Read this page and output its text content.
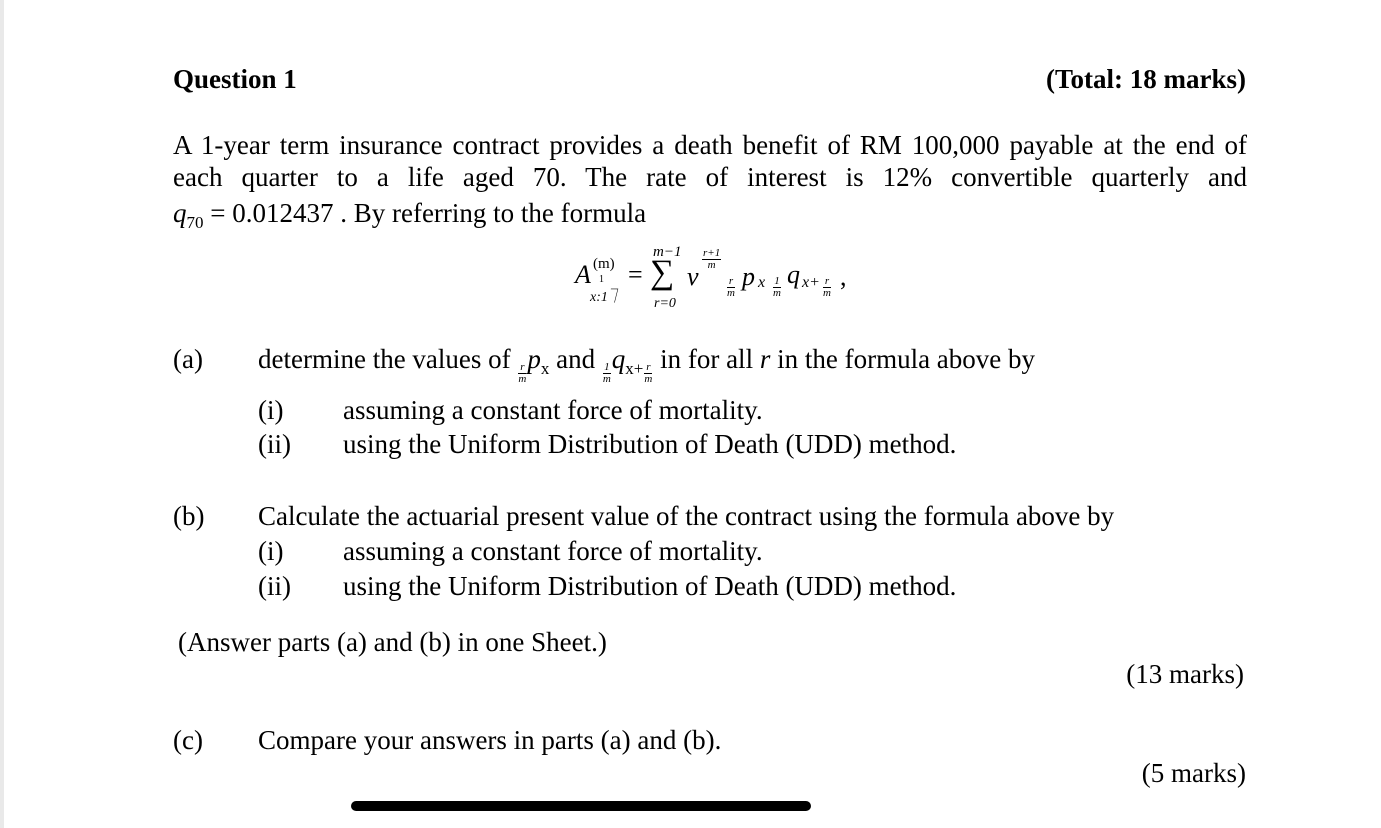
Question 1	(Total: 18 marks)
A 1-year term insurance contract provides a death benefit of RM 100,000 payable at the end of
each quarter to a life aged 70. The rate of interest is 12% convertible quarterly and
$q_{70} = 0.012437$ . By referring to the formula
A (m)
1
x:1⏋
=
m−1
∑
r=0
v
$\frac{r+1}{m}$
$\frac{r}{m}$ p x $\frac{1}{m}$ q $x+ \frac{r}{m}$ ,
(a) determine the values of $\frac{r}{m} p_x$ and $\frac{1}{m} q_{x+} \frac{r}{m}$ in for all r in the formula above by
(i) assuming a constant force of mortality.
(ii) using the Uniform Distribution of Death (UDD) method.
(b) Calculate the actuarial present value of the contract using the formula above by
(i) assuming a constant force of mortality.
(ii) using the Uniform Distribution of Death (UDD) method.
(Answer parts (a) and (b) in one Sheet.)
(13 marks)
(c) Compare your answers in parts (a) and (b).
(5 marks)
